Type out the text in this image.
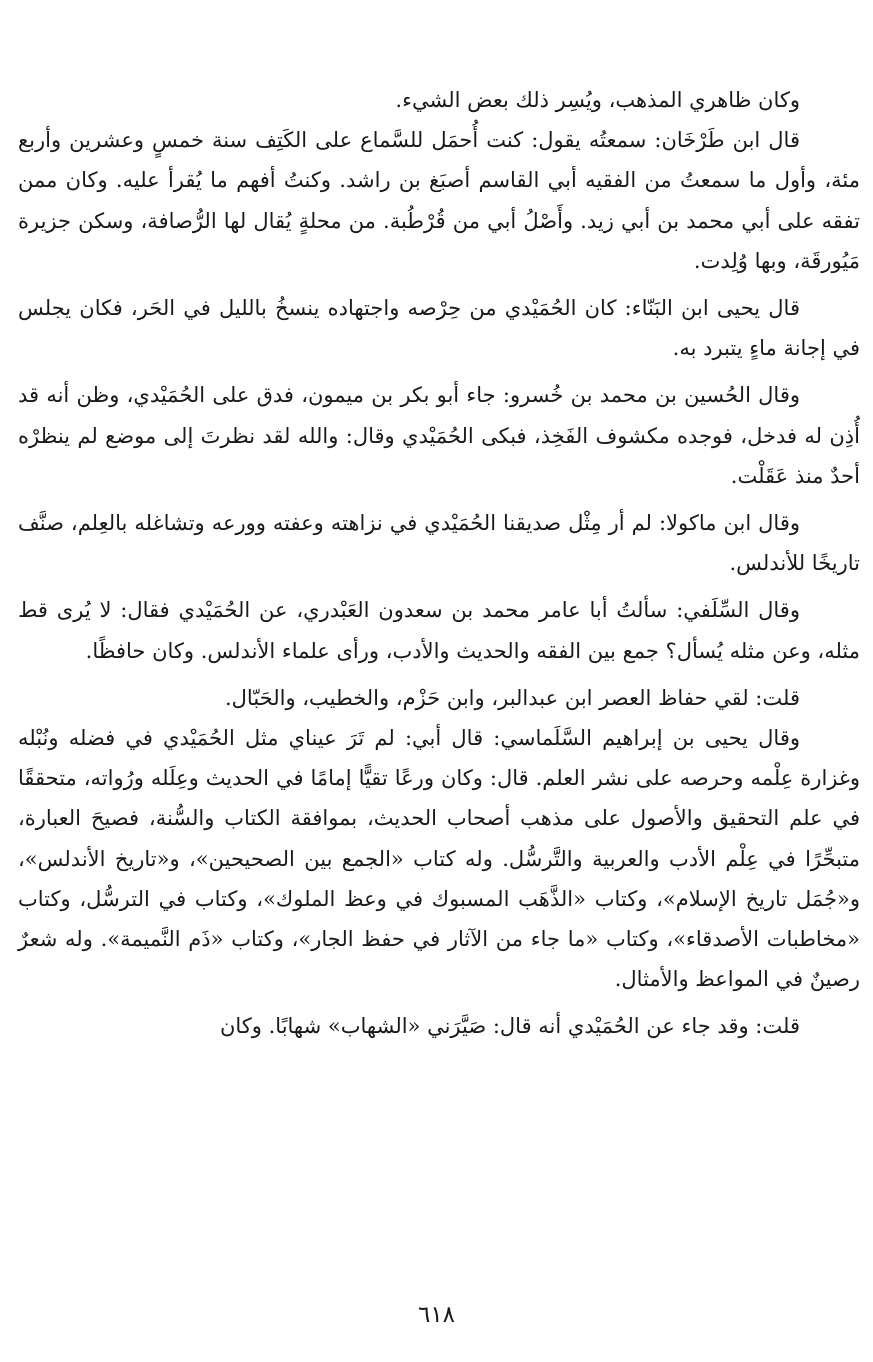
وكان ظاهري المذهب، ويُسِر ذلك بعض الشيء.

قال ابن طَرْخَان: سمعتُه يقول: كنت أُحمَل للسَّماع على الكَتِف سنة خمسٍ وعشرين وأربع مئة، وأول ما سمعتُ من الفقيه أبي القاسم أصبَغ بن راشد. وكنتُ أفهم ما يُقرأ عليه. وكان ممن تفقه على أبي محمد بن أبي زيد. وأَصْلُ أبي من قُرْطُبة. من محلةٍ يُقال لها الرُّصافة، وسكن جزيرة مَيُورقَة، وبها وُلِدت.

قال يحيى ابن البَنّاء: كان الحُمَيْدي من حِرْصه واجتهاده ينسخُ بالليل في الحَر، فكان يجلس في إجانة ماءٍ يتبرد به.

وقال الحُسين بن محمد بن خُسرو: جاء أبو بكر بن ميمون، فدق على الحُمَيْدي، وظن أنه قد أُذِن له فدخل، فوجده مكشوف الفَخِذ، فبكى الحُمَيْدي وقال: والله لقد نظرتَ إلى موضع لم ينظرْه أحدٌ منذ عَقَلْت.

وقال ابن ماكولا: لم أر مِثْل صديقنا الحُمَيْدي في نزاهته وعفته وورعه وتشاغله بالعِلم، صنَّف تاريخًا للأندلس.

وقال السِّلَفي: سألتُ أبا عامر محمد بن سعدون العَبْدري، عن الحُمَيْدي فقال: لا يُرى قط مثله، وعن مثله يُسأل؟ جمع بين الفقه والحديث والأدب، ورأى علماء الأندلس. وكان حافظًا.

قلت: لقي حفاظ العصر ابن عبدالبر، وابن حَزْم، والخطيب، والحَبّال.

وقال يحيى بن إبراهيم السَّلَماسي: قال أبي: لم تَرَ عيناي مثل الحُمَيْدي في فضله ونُبْله وغزارة عِلْمه وحرصه على نشر العلم. قال: وكان ورعًا تقيًّا إمامًا في الحديث وعِلَله ورُواته، متحققًا في علم التحقيق والأصول على مذهب أصحاب الحديث، بموافقة الكتاب والسُّنة، فصيحَ العبارة، متبحِّرًا في عِلْم الأدب والعربية والتَّرسُّل. وله كتاب «الجمع بين الصحيحين»، و«تاريخ الأندلس»، و«جُمَل تاريخ الإسلام»، وكتاب «الذَّهَب المسبوك في وعظ الملوك»، وكتاب في الترسُّل، وكتاب «مخاطبات الأصدقاء»، وكتاب «ما جاء من الآثار في حفظ الجار»، وكتاب «ذَم النَّميمة». وله شعرٌ رصينٌ في المواعظ والأمثال.

قلت: وقد جاء عن الحُمَيْدي أنه قال: صَيَّرَني «الشهاب» شهابًا. وكان

٦١٨
